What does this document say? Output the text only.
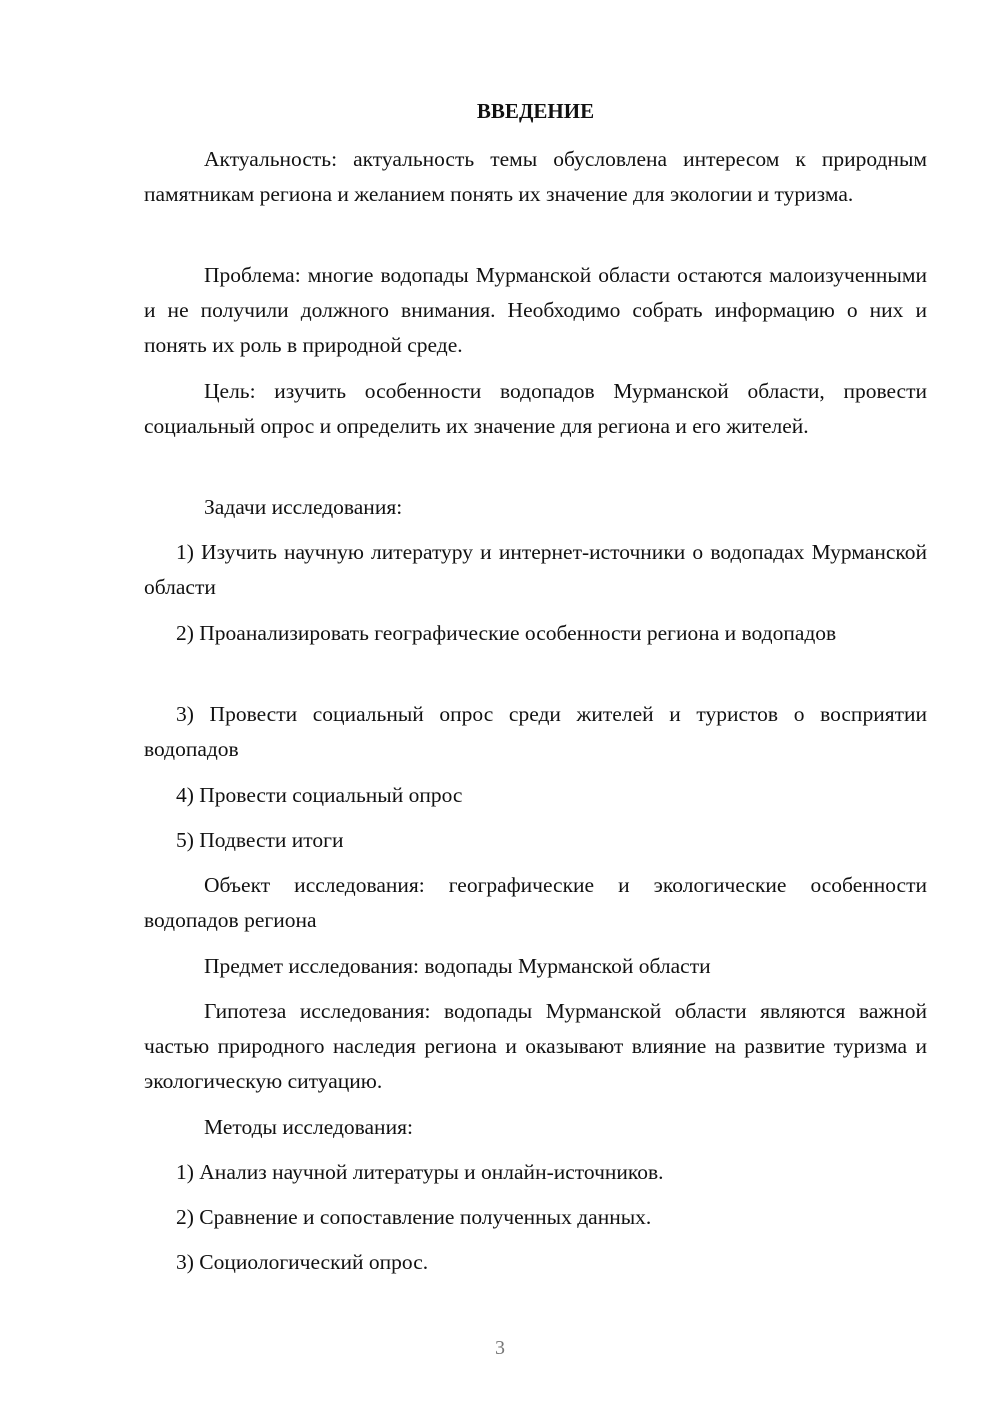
ВВЕДЕНИЕ

Актуальность: актуальность темы обусловлена интересом к природным памятникам региона и желанием понять их значение для экологии и туризма.

Проблема: многие водопады Мурманской области остаются малоизученными и не получили должного внимания. Необходимо собрать информацию о них и понять их роль в природной среде.

Цель: изучить особенности водопадов Мурманской области, провести социальный опрос и определить их значение для региона и его жителей.

Задачи исследования:

1) Изучить научную литературу и интернет-источники о водопадах Мурманской области

2) Проанализировать географические особенности региона и водопадов

3) Провести социальный опрос среди жителей и туристов о восприятии водопадов

4) Провести социальный опрос

5) Подвести итоги

Объект исследования: географические и экологические особенности водопадов региона

Предмет исследования: водопады Мурманской области

Гипотеза исследования: водопады Мурманской области являются важной частью природного наследия региона и оказывают влияние на развитие туризма и экологическую ситуацию.

Методы исследования:

1) Анализ научной литературы и онлайн-источников.

2) Сравнение и сопоставление полученных данных.

3) Социологический опрос.

3
